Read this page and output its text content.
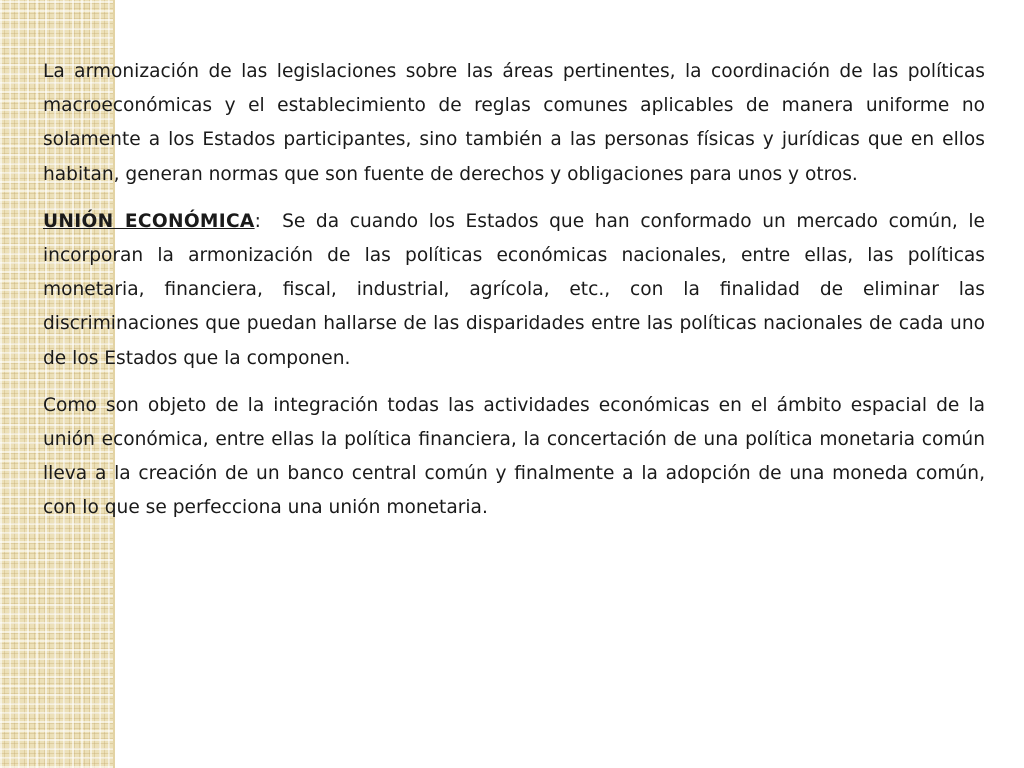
La armonización de las legislaciones sobre las áreas pertinentes, la coordinación de las políticas macroeconómicas y el establecimiento de reglas comunes aplicables de manera uniforme no solamente a los Estados participantes, sino también a las personas físicas y jurídicas que en ellos habitan, generan normas que son fuente de derechos y obligaciones para unos y otros.

UNIÓN ECONÓMICA: Se da cuando los Estados que han conformado un mercado común, le incorporan la armonización de las políticas económicas nacionales, entre ellas, las políticas monetaria, financiera, fiscal, industrial, agrícola, etc., con la finalidad de eliminar las discriminaciones que puedan hallarse de las disparidades entre las políticas nacionales de cada uno de los Estados que la componen.

Como son objeto de la integración todas las actividades económicas en el ámbito espacial de la unión económica, entre ellas la política financiera, la concertación de una política monetaria común lleva a la creación de un banco central común y finalmente a la adopción de una moneda común, con lo que se perfecciona una unión monetaria.
